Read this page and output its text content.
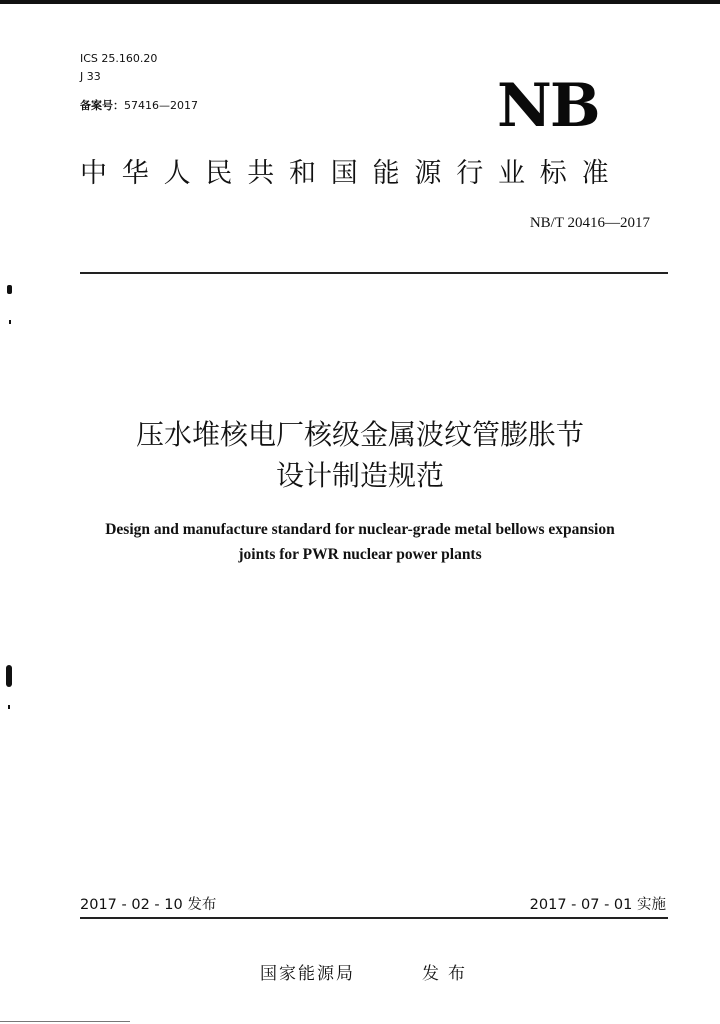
ICS 25.160.20
J 33
备案号：57416—2017	NB
中华人民共和国能源行业标准
NB/T 20416—2017
压水堆核电厂核级金属波纹管膨胀节
设计制造规范
Design and manufacture standard for nuclear-grade metal bellows expansion
joints for PWR nuclear power plants
2017 - 02 - 10 发布	2017 - 07 - 01 实施
国家能源局	发布
